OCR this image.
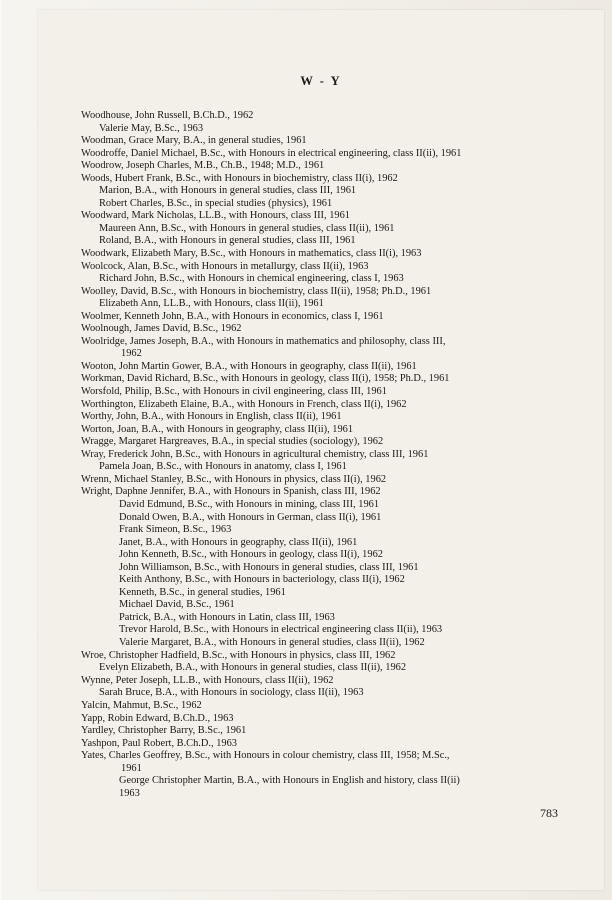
W - Y
Woodhouse, John Russell, B.Ch.D., 1962
Valerie May, B.Sc., 1963
Woodman, Grace Mary, B.A., in general studies, 1961
Woodroffe, Daniel Michael, B.Sc., with Honours in electrical engineering, class II(ii), 1961
Woodrow, Joseph Charles, M.B., Ch.B., 1948; M.D., 1961
Woods, Hubert Frank, B.Sc., with Honours in biochemistry, class II(i), 1962
Marion, B.A., with Honours in general studies, class III, 1961
Robert Charles, B.Sc., in special studies (physics), 1961
Woodward, Mark Nicholas, LL.B., with Honours, class III, 1961
Maureen Ann, B.Sc., with Honours in general studies, class II(ii), 1961
Roland, B.A., with Honours in general studies, class III, 1961
Woodwark, Elizabeth Mary, B.Sc., with Honours in mathematics, class II(i), 1963
Woolcock, Alan, B.Sc., with Honours in metallurgy, class II(ii), 1963
Richard John, B.Sc., with Honours in chemical engineering, class I, 1963
Woolley, David, B.Sc., with Honours in biochemistry, class II(ii), 1958; Ph.D., 1961
Elizabeth Ann, LL.B., with Honours, class II(ii), 1961
Woolmer, Kenneth John, B.A., with Honours in economics, class I, 1961
Woolnough, James David, B.Sc., 1962
Woolridge, James Joseph, B.A., with Honours in mathematics and philosophy, class III,
1962
Wooton, John Martin Gower, B.A., with Honours in geography, class II(ii), 1961
Workman, David Richard, B.Sc., with Honours in geology, class II(i), 1958; Ph.D., 1961
Worsfold, Philip, B.Sc., with Honours in civil engineering, class III, 1961
Worthington, Elizabeth Elaine, B.A., with Honours in French, class II(i), 1962
Worthy, John, B.A., with Honours in English, class II(ii), 1961
Worton, Joan, B.A., with Honours in geography, class II(ii), 1961
Wragge, Margaret Hargreaves, B.A., in special studies (sociology), 1962
Wray, Frederick John, B.Sc., with Honours in agricultural chemistry, class III, 1961
Pamela Joan, B.Sc., with Honours in anatomy, class I, 1961
Wrenn, Michael Stanley, B.Sc., with Honours in physics, class II(i), 1962
Wright, Daphne Jennifer, B.A., with Honours in Spanish, class III, 1962
David Edmund, B.Sc., with Honours in mining, class III, 1961
Donald Owen, B.A., with Honours in German, class II(i), 1961
Frank Simeon, B.Sc., 1963
Janet, B.A., with Honours in geography, class II(ii), 1961
John Kenneth, B.Sc., with Honours in geology, class II(i), 1962
John Williamson, B.Sc., with Honours in general studies, class III, 1961
Keith Anthony, B.Sc., with Honours in bacteriology, class II(i), 1962
Kenneth, B.Sc., in general studies, 1961
Michael David, B.Sc., 1961
Patrick, B.A., with Honours in Latin, class III, 1963
Trevor Harold, B.Sc., with Honours in electrical engineering class II(ii), 1963
Valerie Margaret, B.A., with Honours in general studies, class II(ii), 1962
Wroe, Christopher Hadfield, B.Sc., with Honours in physics, class III, 1962
Evelyn Elizabeth, B.A., with Honours in general studies, class II(ii), 1962
Wynne, Peter Joseph, LL.B., with Honours, class II(ii), 1962
Sarah Bruce, B.A., with Honours in sociology, class II(ii), 1963
Yalcin, Mahmut, B.Sc., 1962
Yapp, Robin Edward, B.Ch.D., 1963
Yardley, Christopher Barry, B.Sc., 1961
Yashpon, Paul Robert, B.Ch.D., 1963
Yates, Charles Geoffrey, B.Sc., with Honours in colour chemistry, class III, 1958; M.Sc.,
1961
George Christopher Martin, B.A., with Honours in English and history, class II(ii)
1963
783
